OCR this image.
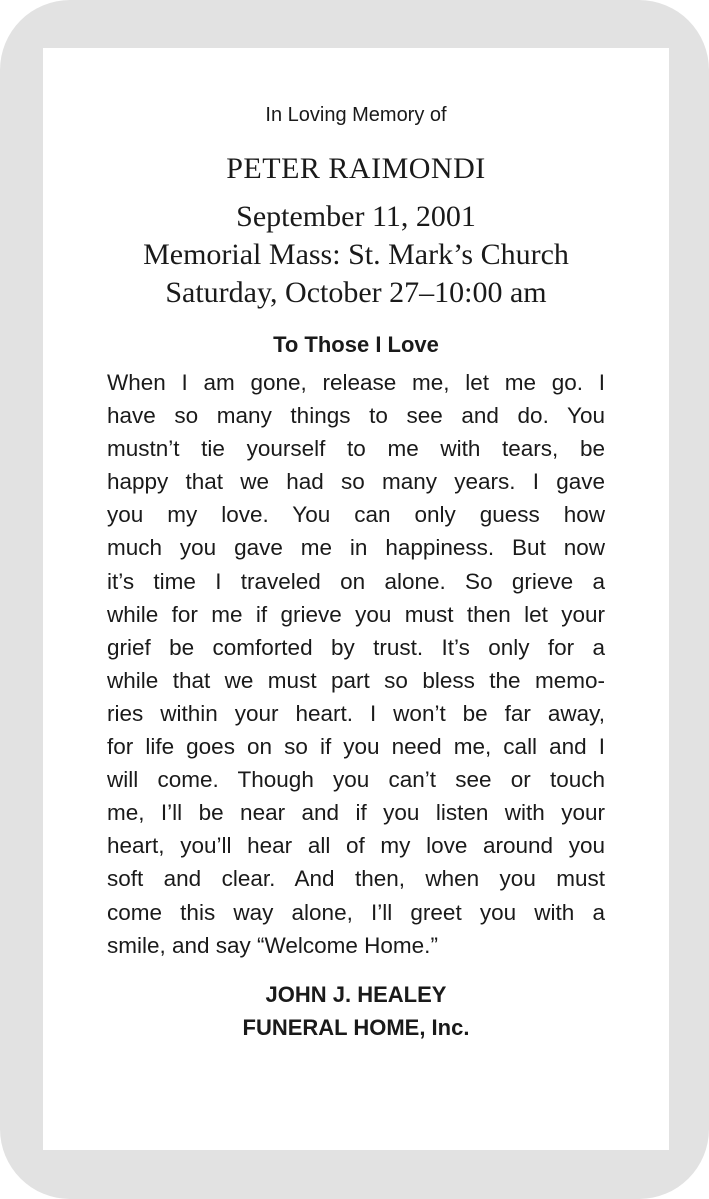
In Loving Memory of
PETER RAIMONDI
September 11, 2001
Memorial Mass: St. Mark’s Church
Saturday, October 27–10:00 am
To Those I Love
When I am gone, release me, let me go. I
have so many things to see and do. You
mustn’t tie yourself to me with tears, be
happy that we had so many years. I gave
you my love. You can only guess how
much you gave me in happiness. But now
it’s time I traveled on alone. So grieve a
while for me if grieve you must then let your
grief be comforted by trust. It’s only for a
while that we must part so bless the memo-
ries within your heart. I won’t be far away,
for life goes on so if you need me, call and I
will come. Though you can’t see or touch
me, I’ll be near and if you listen with your
heart, you’ll hear all of my love around you
soft and clear. And then, when you must
come this way alone, I’ll greet you with a
smile, and say “Welcome Home.”
JOHN J. HEALEY
FUNERAL HOME, Inc.
